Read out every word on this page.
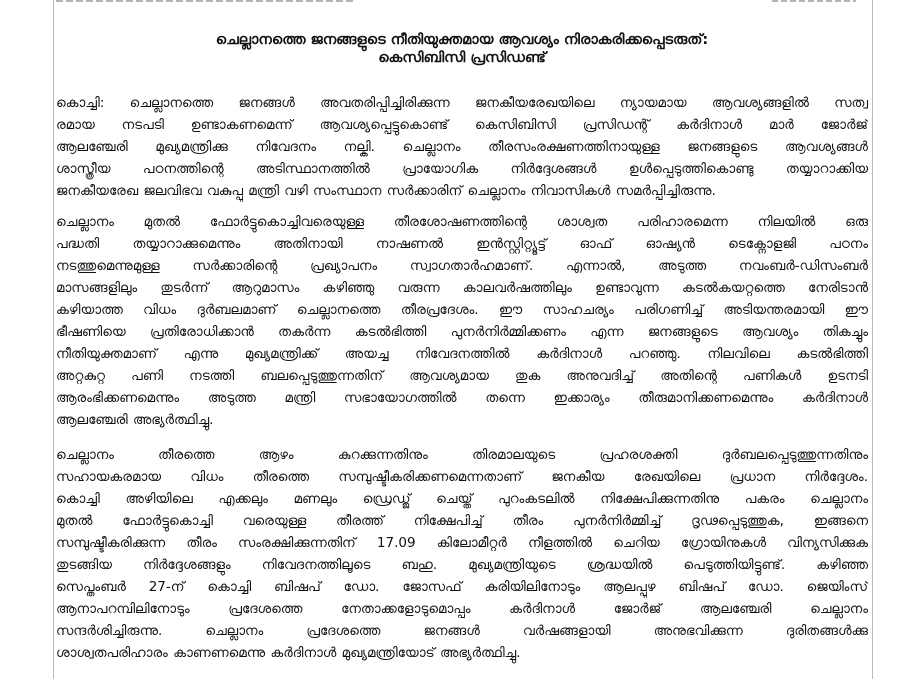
ചെല്ലാനത്തെ ജനങ്ങളുടെ നീതിയുക്തമായ ആവശ്യം നിരാകരിക്കപ്പെടരുത്:
കെസിബിസി പ്രസിഡണ്ട്
കൊച്ചി: ചെല്ലാനത്തെ ജനങ്ങൾ അവതരിപ്പിച്ചിരിക്കുന്ന ജനകീയരേഖയിലെ ന്യായമായ ആവശ്യങ്ങളിൽ സത്വ
രമായ നടപടി ഉണ്ടാകണമെന്ന് ആവശ്യപ്പെട്ടുകൊണ്ട് കെസിബിസി പ്രസിഡന്റ് കർദിനാൾ മാർ ജോർജ്
ആലഞ്ചേരി മുഖ്യമന്ത്രിക്കു നിവേദനം നല്കി. ചെല്ലാനം തീരസംരക്ഷണത്തിനായുള്ള ജനങ്ങളുടെ ആവശ്യങ്ങൾ
ശാസ്ത്രീയ പഠനത്തിന്റെ അടിസ്ഥാനത്തിൽ പ്രായോഗിക നിർദ്ദേശങ്ങൾ ഉൾപ്പെടുത്തികൊണ്ടു തയ്യാറാക്കിയ
ജനകീയരേഖ ജലവിഭവ വകുപ്പു മന്ത്രി വഴി സംസ്ഥാന സർക്കാരിന് ചെല്ലാനം നിവാസികൾ സമർപ്പിച്ചിരുന്നു.
ചെല്ലാനം മുതൽ ഫോർട്ടുകൊച്ചിവരെയുള്ള തീരശോഷണത്തിന്റെ ശാശ്വത പരിഹാരമെന്ന നിലയിൽ ഒരു
പദ്ധതി തയ്യാറാക്കുമെന്നും അതിനായി നാഷണൽ ഇൻസ്റ്റിറ്റ്യൂട്ട് ഓഫ് ഓഷ്യൻ ടെക്നോളജി പഠനം
നടത്തുമെന്നുമുള്ള സർക്കാരിന്റെ പ്രഖ്യാപനം സ്വാഗതാർഹമാണ്. എന്നാൽ, അടുത്ത നവംബർ-ഡിസംബർ
മാസങ്ങളിലും തുടർന്ന് ആറുമാസം കഴിഞ്ഞു വരുന്ന കാലവർഷത്തിലും ഉണ്ടാവുന്ന കടൽകയറ്റത്തെ നേരിടാൻ
കഴിയാത്ത വിധം ദുർബലമാണ് ചെല്ലാനത്തെ തീരപ്രദേശം. ഈ സാഹചര്യം പരിഗണിച്ച് അടിയന്തരമായി ഈ
ഭീഷണിയെ പ്രതിരോധിക്കാൻ തകർന്ന കടൽഭിത്തി പുനർനിർമ്മിക്കണം എന്ന ജനങ്ങളുടെ ആവശ്യം തികച്ചും
നീതിയുക്തമാണ് എന്നു മുഖ്യമന്ത്രിക്ക് അയച്ച നിവേദനത്തിൽ കർദിനാൾ പറഞ്ഞു. നിലവിലെ കടൽഭിത്തി
അറ്റകുറ്റ പണി നടത്തി ബലപ്പെടുത്തുന്നതിന് ആവശ്യമായ തുക അനുവദിച്ച് അതിന്റെ പണികൾ ഉടനടി
ആരംഭിക്കണമെന്നും അടുത്ത മന്ത്രി സഭായോഗത്തിൽ തന്നെ ഇക്കാര്യം തീരുമാനിക്കണമെന്നും കർദിനാൾ
ആലഞ്ചേരി അഭ്യർത്ഥിച്ചു.
ചെല്ലാനം തീരത്തെ ആഴം കുറക്കുന്നതിനും തിരമാലയുടെ പ്രഹരശക്തി ദുർബലപ്പെടുത്തുന്നതിനും
സഹായകരമായ വിധം തീരത്തെ സമ്പുഷ്ടീകരിക്കണമെന്നതാണ് ജനകീയ രേഖയിലെ പ്രധാന നിർദ്ദേശം.
കൊച്ചി അഴിയിലെ എക്കലും മണലും ഡ്രെഡ്ജ് ചെയ്ത് പുറംകടലിൽ നിക്ഷേപിക്കുന്നതിനു പകരം ചെല്ലാനം
മുതൽ ഫോർട്ടുകൊച്ചി വരെയുള്ള തീരത്ത് നിക്ഷേപിച്ച് തീരം പുനർനിർമ്മിച്ച് ദൃഢപ്പെടുത്തുക, ഇങ്ങനെ
സമ്പുഷ്ടീകരിക്കുന്ന തീരം സംരക്ഷിക്കുന്നതിന് 17.09 കിലോമീറ്റർ നീളത്തിൽ ചെറിയ ഗ്രോയിനുകൾ വിന്യസിക്കുക
തുടങ്ങിയ നിർദ്ദേശങ്ങളും നിവേദനത്തിലൂടെ ബഹു. മുഖ്യമന്ത്രിയുടെ ശ്രദ്ധയിൽ പെടുത്തിയിട്ടുണ്ട്. കഴിഞ്ഞ
സെപ്തംബർ 27-ന് കൊച്ചി ബിഷപ് ഡോ. ജോസഫ് കരിയിലിനോടും ആലപ്പുഴ ബിഷപ് ഡോ. ജെയിംസ്
ആനാപറമ്പിലിനോടും പ്രദേശത്തെ നേതാക്കളോടുമൊപ്പം കർദിനാൾ ജോർജ് ആലഞ്ചേരി ചെല്ലാനം
സന്ദർശിച്ചിരുന്നു. ചെല്ലാനം പ്രദേശത്തെ ജനങ്ങൾ വർഷങ്ങളായി അനുഭവിക്കുന്ന ദുരിതങ്ങൾക്കു
ശാശ്വതപരിഹാരം കാണണമെന്നു കർദിനാൾ മുഖ്യമന്ത്രിയോട് അഭ്യർത്ഥിച്ചു.
